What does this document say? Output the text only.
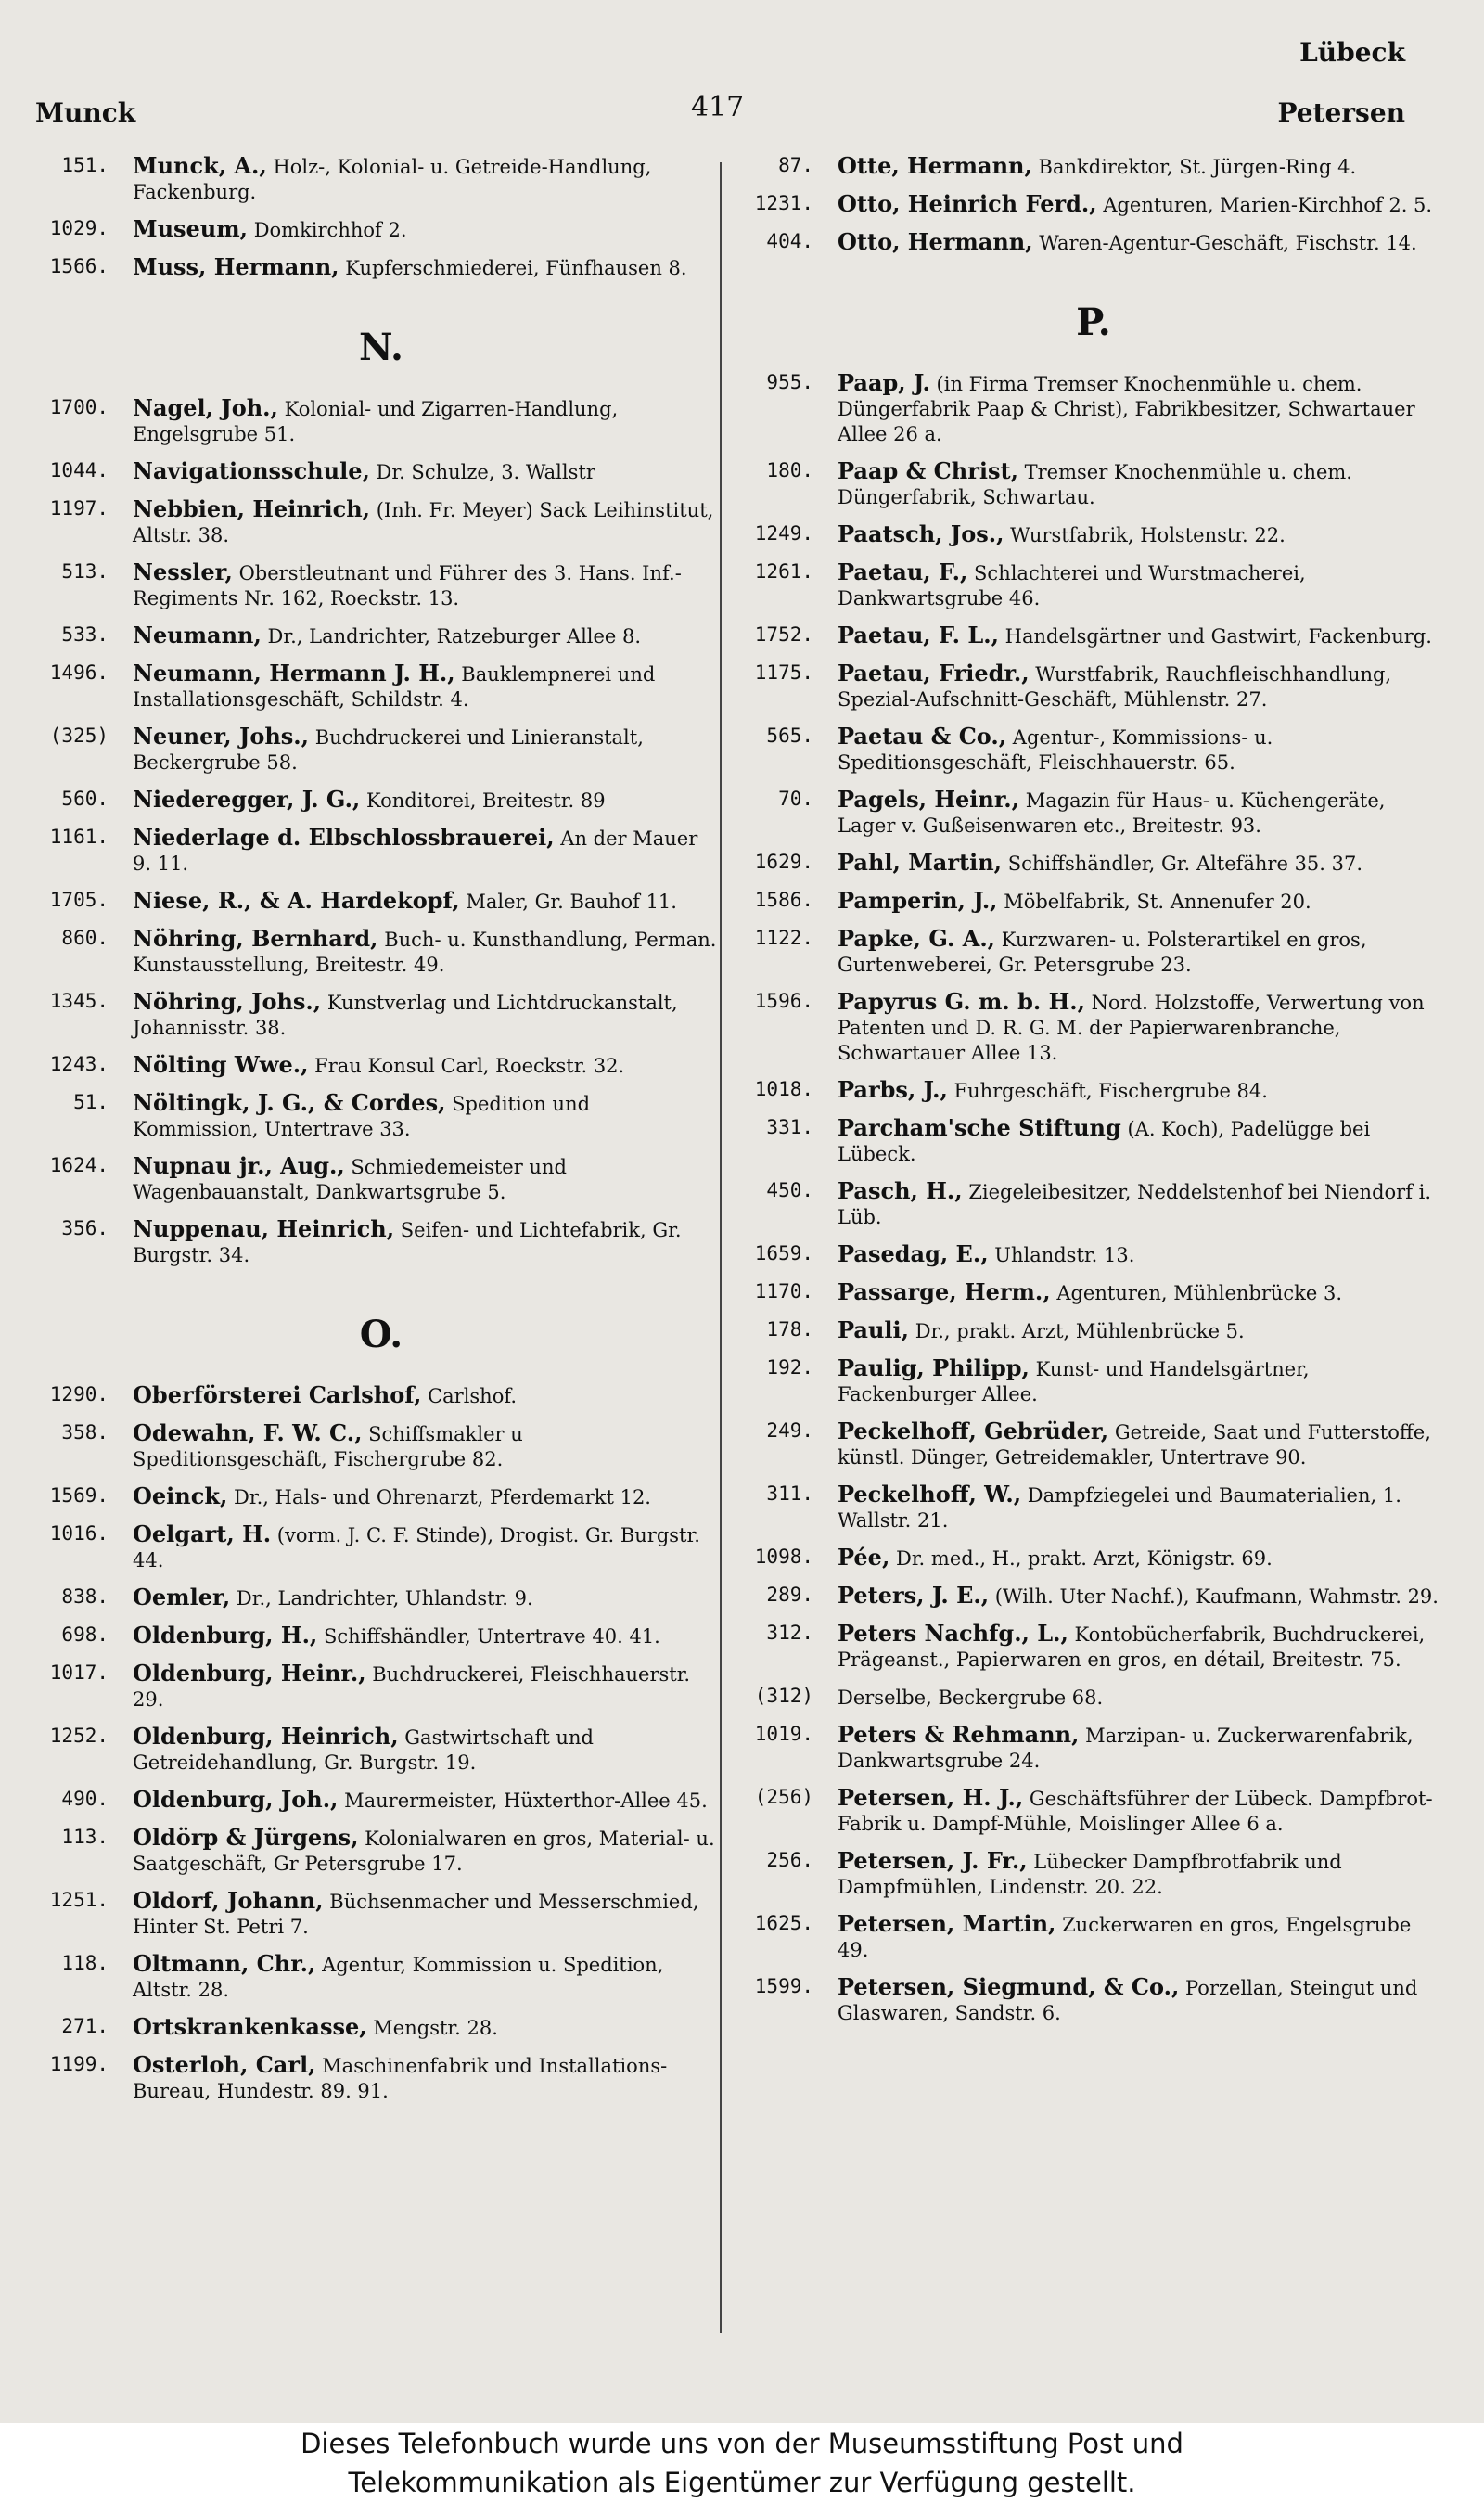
Lübeck
Munck	417	Petersen
151. Munck, A., Holz-, Kolonial- u. Getreide-Handlung, Fackenburg.
1029. Museum, Domkirchhof 2.
1566. Muss, Hermann, Kupferschmiederei, Fünfhausen 8.
N.
1700. Nagel, Joh., Kolonial- und Zigarren-Handlung, Engelsgrube 51.
1044. Navigationsschule, Dr. Schulze, 3. Wallstr
1197. Nebbien, Heinrich, (Inh. Fr. Meyer) Sack Leihinstitut, Altstr. 38.
513. Nessler, Oberstleutnant und Führer des 3. Hans. Inf.-Regiments Nr. 162, Roeckstr. 13.
533. Neumann, Dr., Landrichter, Ratzeburger Allee 8.
1496. Neumann, Hermann J. H., Bauklempnerei und Installationsgeschäft, Schildstr. 4.
(325) Neuner, Johs., Buchdruckerei und Linieranstalt, Beckergrube 58.
560. Niederegger, J. G., Konditorei, Breitestr. 89
1161. Niederlage d. Elbschlossbrauerei, An der Mauer 9. 11.
1705. Niese, R., & A. Hardekopf, Maler, Gr. Bauhof 11.
860. Nöhring, Bernhard, Buch- u. Kunsthandlung, Perman. Kunstausstellung, Breitestr. 49.
1345. Nöhring, Johs., Kunstverlag und Lichtdruckanstalt, Johannisstr. 38.
1243. Nölting Wwe., Frau Konsul Carl, Roeckstr. 32.
51. Nöltingk, J. G., & Cordes, Spedition und Kommission, Untertrave 33.
1624. Nupnau jr., Aug., Schmiedemeister und Wagenbauanstalt, Dankwartsgrube 5.
356. Nuppenau, Heinrich, Seifen- und Lichtefabrik, Gr. Burgstr. 34.
O.
1290. Oberförsterei Carlshof, Carlshof.
358. Odewahn, F. W. C., Schiffsmakler u Speditionsgeschäft, Fischergrube 82.
1569. Oeinck, Dr., Hals- und Ohrenarzt, Pferdemarkt 12.
1016. Oelgart, H. (vorm. J. C. F. Stinde), Drogist. Gr. Burgstr. 44.
838. Oemler, Dr., Landrichter, Uhlandstr. 9.
698. Oldenburg, H., Schiffshändler, Untertrave 40. 41.
1017. Oldenburg, Heinr., Buchdruckerei, Fleischhauerstr. 29.
1252. Oldenburg, Heinrich, Gastwirtschaft und Getreidehandlung, Gr. Burgstr. 19.
490. Oldenburg, Joh., Maurermeister, Hüxterthor-Allee 45.
113. Oldörp & Jürgens, Kolonialwaren en gros, Material- u. Saatgeschäft, Gr Petersgrube 17.
1251. Oldorf, Johann, Büchsenmacher und Messerschmied, Hinter St. Petri 7.
118. Oltmann, Chr., Agentur, Kommission u. Spedition, Altstr. 28.
271. Ortskrankenkasse, Mengstr. 28.
1199. Osterloh, Carl, Maschinenfabrik und Installations-Bureau, Hundestr. 89. 91.
87. Otte, Hermann, Bankdirektor, St. Jürgen-Ring 4.
1231. Otto, Heinrich Ferd., Agenturen, Marien-Kirchhof 2. 5.
404. Otto, Hermann, Waren-Agentur-Geschäft, Fischstr. 14.
P.
955. Paap, J. (in Firma Tremser Knochenmühle u. chem. Düngerfabrik Paap & Christ), Fabrikbesitzer, Schwartauer Allee 26 a.
180. Paap & Christ, Tremser Knochenmühle u. chem. Düngerfabrik, Schwartau.
1249. Paatsch, Jos., Wurstfabrik, Holstenstr. 22.
1261. Paetau, F., Schlachterei und Wurstmacherei, Dankwartsgrube 46.
1752. Paetau, F. L., Handelsgärtner und Gastwirt, Fackenburg.
1175. Paetau, Friedr., Wurstfabrik, Rauchfleischhandlung, Spezial-Aufschnitt-Geschäft, Mühlenstr. 27.
565. Paetau & Co., Agentur-, Kommissions- u. Speditionsgeschäft, Fleischhauerstr. 65.
70. Pagels, Heinr., Magazin für Haus- u. Küchengeräte, Lager v. Gußeisenwaren etc., Breitestr. 93.
1629. Pahl, Martin, Schiffshändler, Gr. Altefähre 35. 37.
1586. Pamperin, J., Möbelfabrik, St. Annenufer 20.
1122. Papke, G. A., Kurzwaren- u. Polsterartikel en gros, Gurtenweberei, Gr. Petersgrube 23.
1596. Papyrus G. m. b. H., Nord. Holzstoffe, Verwertung von Patenten und D. R. G. M. der Papierwarenbranche, Schwartauer Allee 13.
1018. Parbs, J., Fuhrgeschäft, Fischergrube 84.
331. Parcham'sche Stiftung (A. Koch), Padelügge bei Lübeck.
450. Pasch, H., Ziegeleibesitzer, Neddelstenhof bei Niendorf i. Lüb.
1659. Pasedag, E., Uhlandstr. 13.
1170. Passarge, Herm., Agenturen, Mühlenbrücke 3.
178. Pauli, Dr., prakt. Arzt, Mühlenbrücke 5.
192. Paulig, Philipp, Kunst- und Handelsgärtner, Fackenburger Allee.
249. Peckelhoff, Gebrüder, Getreide, Saat und Futterstoffe, künstl. Dünger, Getreidemakler, Untertrave 90.
311. Peckelhoff, W., Dampfziegelei und Baumaterialien, 1. Wallstr. 21.
1098. Pée, Dr. med., H., prakt. Arzt, Königstr. 69.
289. Peters, J. E., (Wilh. Uter Nachf.), Kaufmann, Wahmstr. 29.
312. Peters Nachfg., L., Kontobücherfabrik, Buchdruckerei, Prägeanst., Papierwaren en gros, en détail, Breitestr. 75.
(312) Derselbe, Beckergrube 68.
1019. Peters & Rehmann, Marzipan- u. Zuckerwarenfabrik, Dankwartsgrube 24.
(256) Petersen, H. J., Geschäftsführer der Lübeck. Dampfbrot-Fabrik u. Dampf-Mühle, Moislinger Allee 6 a.
256. Petersen, J. Fr., Lübecker Dampfbrotfabrik und Dampfmühlen, Lindenstr. 20. 22.
1625. Petersen, Martin, Zuckerwaren en gros, Engelsgrube 49.
1599. Petersen, Siegmund, & Co., Porzellan, Steingut und Glaswaren, Sandstr. 6.
Dieses Telefonbuch wurde uns von der Museumsstiftung Post und
Telekommunikation als Eigentümer zur Verfügung gestellt.
